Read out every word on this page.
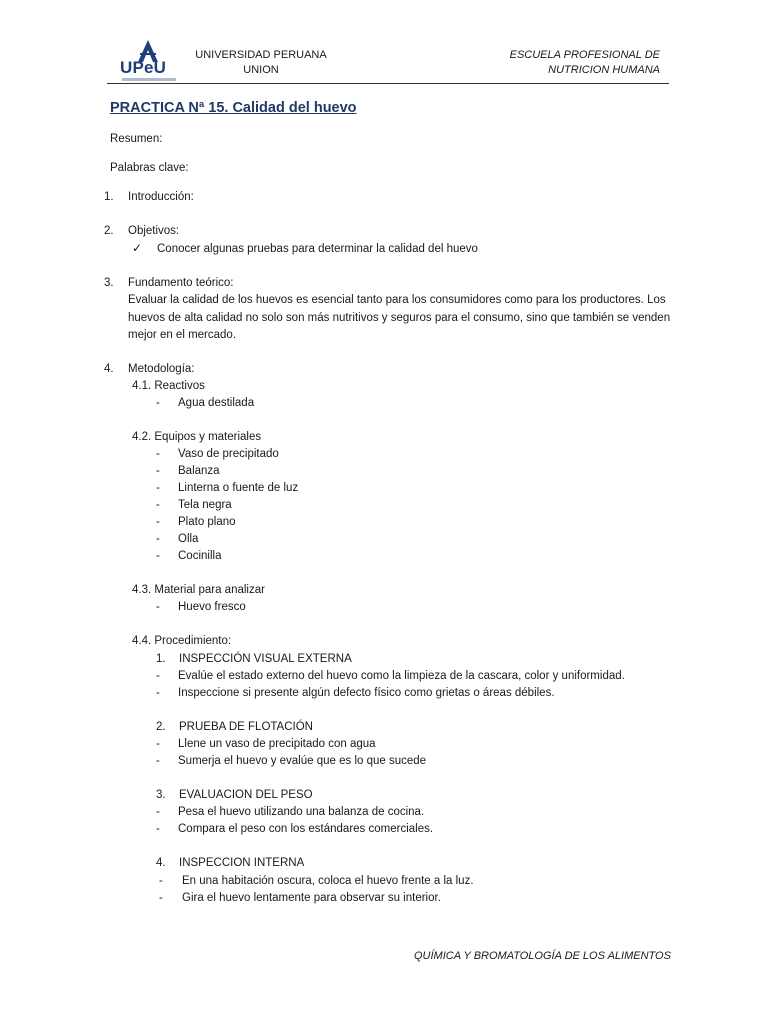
UPeU
UNIVERSIDAD PERUANA
UNION
ESCUELA PROFESIONAL DE
NUTRICION HUMANA
PRACTICA Nª 15. Calidad del huevo
Resumen:
Palabras clave:
1. Introducción:
2. Objetivos:
✓ Conocer algunas pruebas para determinar la calidad del huevo
3. Fundamento teórico:
Evaluar la calidad de los huevos es esencial tanto para los consumidores como para los productores. Los huevos de alta calidad no solo son más nutritivos y seguros para el consumo, sino que también se venden mejor en el mercado.
4. Metodología:
4.1. Reactivos
- Agua destilada
4.2. Equipos y materiales
- Vaso de precipitado
- Balanza
- Linterna o fuente de luz
- Tela negra
- Plato plano
- Olla
- Cocinilla
4.3. Material para analizar
- Huevo fresco
4.4. Procedimiento:
1. INSPECCIÓN VISUAL EXTERNA
- Evalúe el estado externo del huevo como la limpieza de la cascara, color y uniformidad.
- Inspeccione si presente algún defecto físico como grietas o áreas débiles.
2. PRUEBA DE FLOTACIÓN
- Llene un vaso de precipitado con agua
- Sumerja el huevo y evalúe que es lo que sucede
3. EVALUACION DEL PESO
- Pesa el huevo utilizando una balanza de cocina.
- Compara el peso con los estándares comerciales.
4. INSPECCION INTERNA
- En una habitación oscura, coloca el huevo frente a la luz.
- Gira el huevo lentamente para observar su interior.
QUÍMICA Y BROMATOLOGÍA DE LOS ALIMENTOS
